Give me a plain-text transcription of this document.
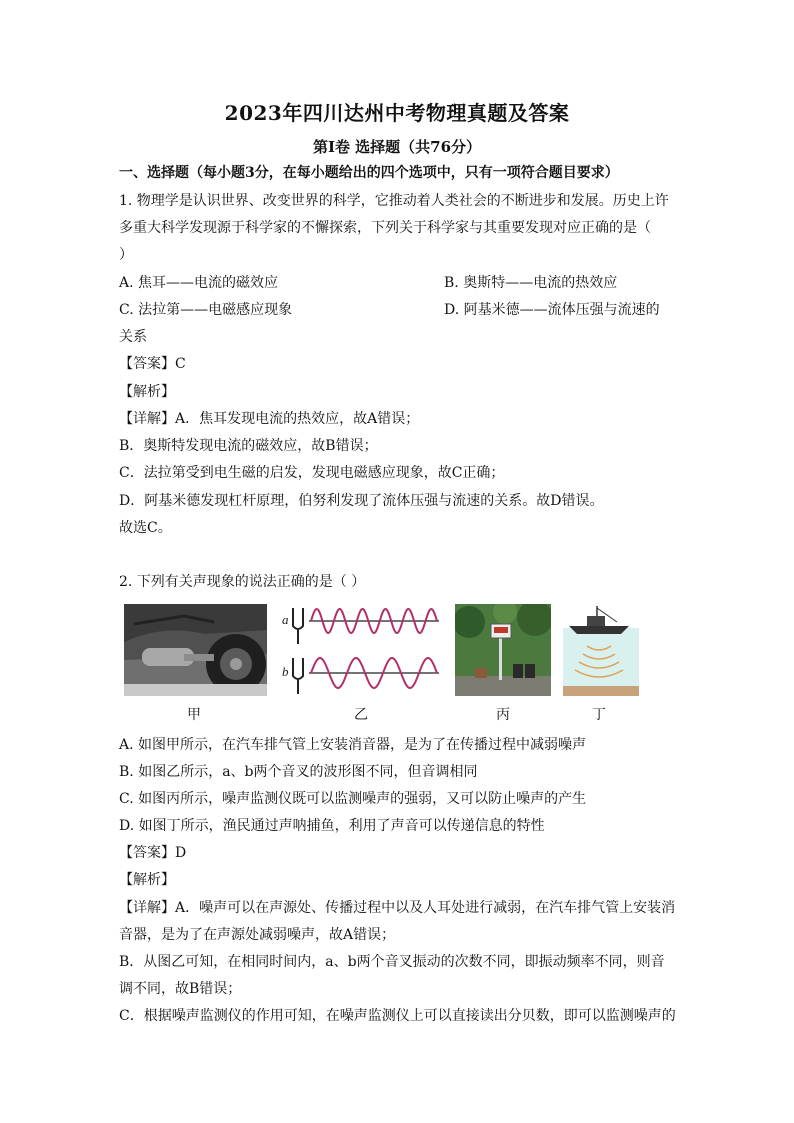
2023年四川达州中考物理真题及答案
第Ⅰ卷 选择题（共76分）
一、选择题（每小题3分，在每小题给出的四个选项中，只有一项符合题目要求）
1. 物理学是认识世界、改变世界的科学，它推动着人类社会的不断进步和发展。历史上许
多重大科学发现源于科学家的不懈探索，下列关于科学家与其重要发现对应正确的是（
）
A. 焦耳——电流的磁效应	B. 奥斯特——电流的热效应
C. 法拉第——电磁感应现象	D. 阿基米德——流体压强与流速的
关系
【答案】C
【解析】
【详解】A．焦耳发现电流的热效应，故A错误；
B．奥斯特发现电流的磁效应，故B错误；
C．法拉第受到电生磁的启发，发现电磁感应现象，故C正确；
D．阿基米德发现杠杆原理，伯努利发现了流体压强与流速的关系。故D错误。
故选C。
2. 下列有关声现象的说法正确的是（ ）
甲
a
b
乙	丙	丁
A. 如图甲所示，在汽车排气管上安装消音器，是为了在传播过程中减弱噪声
B. 如图乙所示，a、b两个音叉的波形图不同，但音调相同
C. 如图丙所示，噪声监测仪既可以监测噪声的强弱，又可以防止噪声的产生
D. 如图丁所示，渔民通过声呐捕鱼，利用了声音可以传递信息的特性
【答案】D
【解析】
【详解】A．噪声可以在声源处、传播过程中以及人耳处进行减弱，在汽车排气管上安装消
音器，是为了在声源处减弱噪声，故A错误；
B．从图乙可知，在相同时间内，a、b两个音叉振动的次数不同，即振动频率不同，则音
调不同，故B错误；
C．根据噪声监测仪的作用可知，在噪声监测仪上可以直接读出分贝数，即可以监测噪声的
